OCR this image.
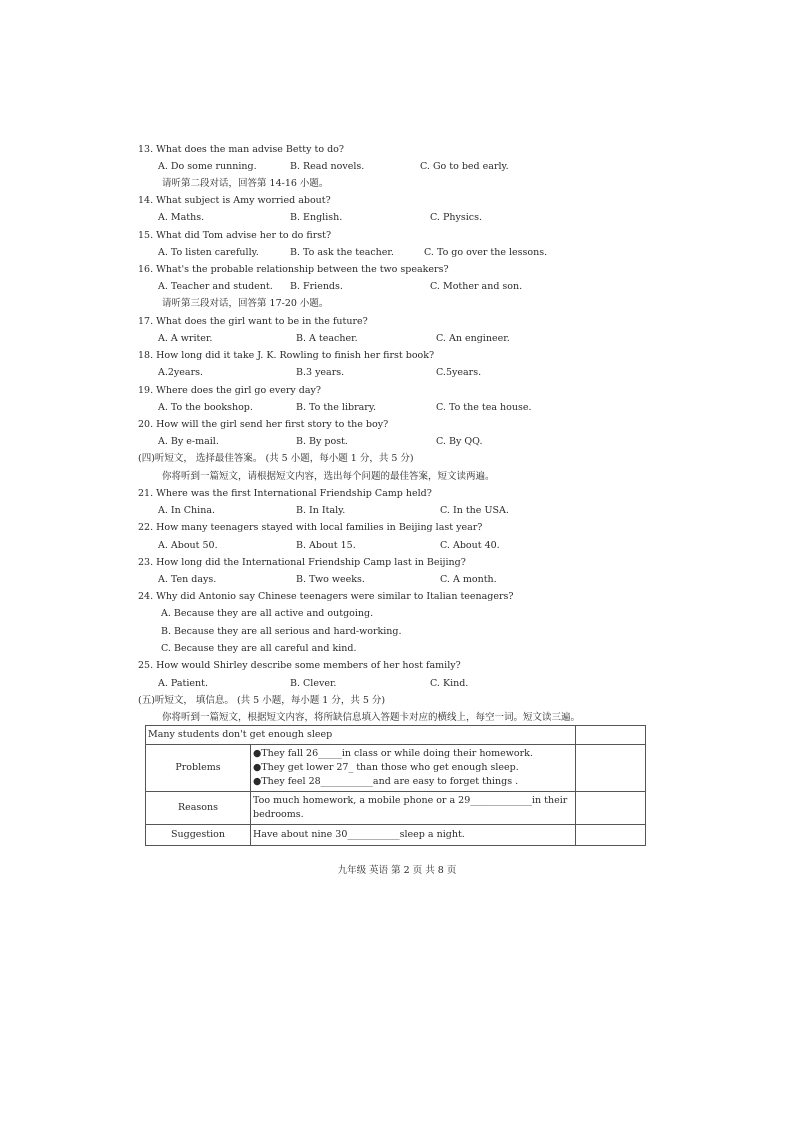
13. What does the man advise Betty to do?
A. Do some running.	B. Read novels.	C. Go to bed early.
请听第二段对话，回答第 14-16 小题。
14. What subject is Amy worried about?
A. Maths.	B. English.	C. Physics.
15. What did Tom advise her to do first?
A. To listen carefully.	B. To ask the teacher.	C. To go over the lessons.
16. What's the probable relationship between the two speakers?
A. Teacher and student. B. Friends.	C. Mother and son.
请听第三段对话，回答第 17-20 小题。
17. What does the girl want to be in the future?
A. A writer.	B. A teacher.	C. An engineer.
18. How long did it take J. K. Rowling to finish her first book?
A.2years.	B.3 years.	C.5years.
19. Where does the girl go every day?
A. To the bookshop.	B. To the library.	C. To the tea house.
20. How will the girl send her first story to the boy?
A. By e-mail.	B. By post.	C. By QQ.
(四)听短文， 选择最佳答案。 (共 5 小题，每小题 1 分，共 5 分)
你将听到一篇短文，请根据短文内容，选出每个问题的最佳答案，短文读两遍。
21. Where was the first International Friendship Camp held?
A. In China.	B. In Italy.	C. In the USA.
22. How many teenagers stayed with local families in Beijing last year?
A. About 50.	B. About 15.	C. About 40.
23. How long did the International Friendship Camp last in Beijing?
A. Ten days.	B. Two weeks.	C. A month.
24. Why did Antonio say Chinese teenagers were similar to Italian teenagers?
A. Because they are all active and outgoing.
B. Because they are all serious and hard-working.
C. Because they are all careful and kind.
25. How would Shirley describe some members of her host family?
A. Patient.	B. Clever.	C. Kind.
(五)听短文， 填信息。 (共 5 小题，每小题 1 分，共 5 分)
你将听到一篇短文，根据短文内容，将所缺信息填入答题卡对应的横线上，每空一词。短文读三遍。
Many students don't get enough sleep		
Problems	●They fall 26_____in class or while doing their homework.
●They get lower 27_ than those who get enough sleep.
●They feel 28___________and are easy to forget things .	

Reasons	Too much homework, a mobile phone or a 29_____________in their
bedrooms.	

Suggestion	Have about nine 30___________sleep a night.	
九年级 英语 第 2 页 共 8 页
